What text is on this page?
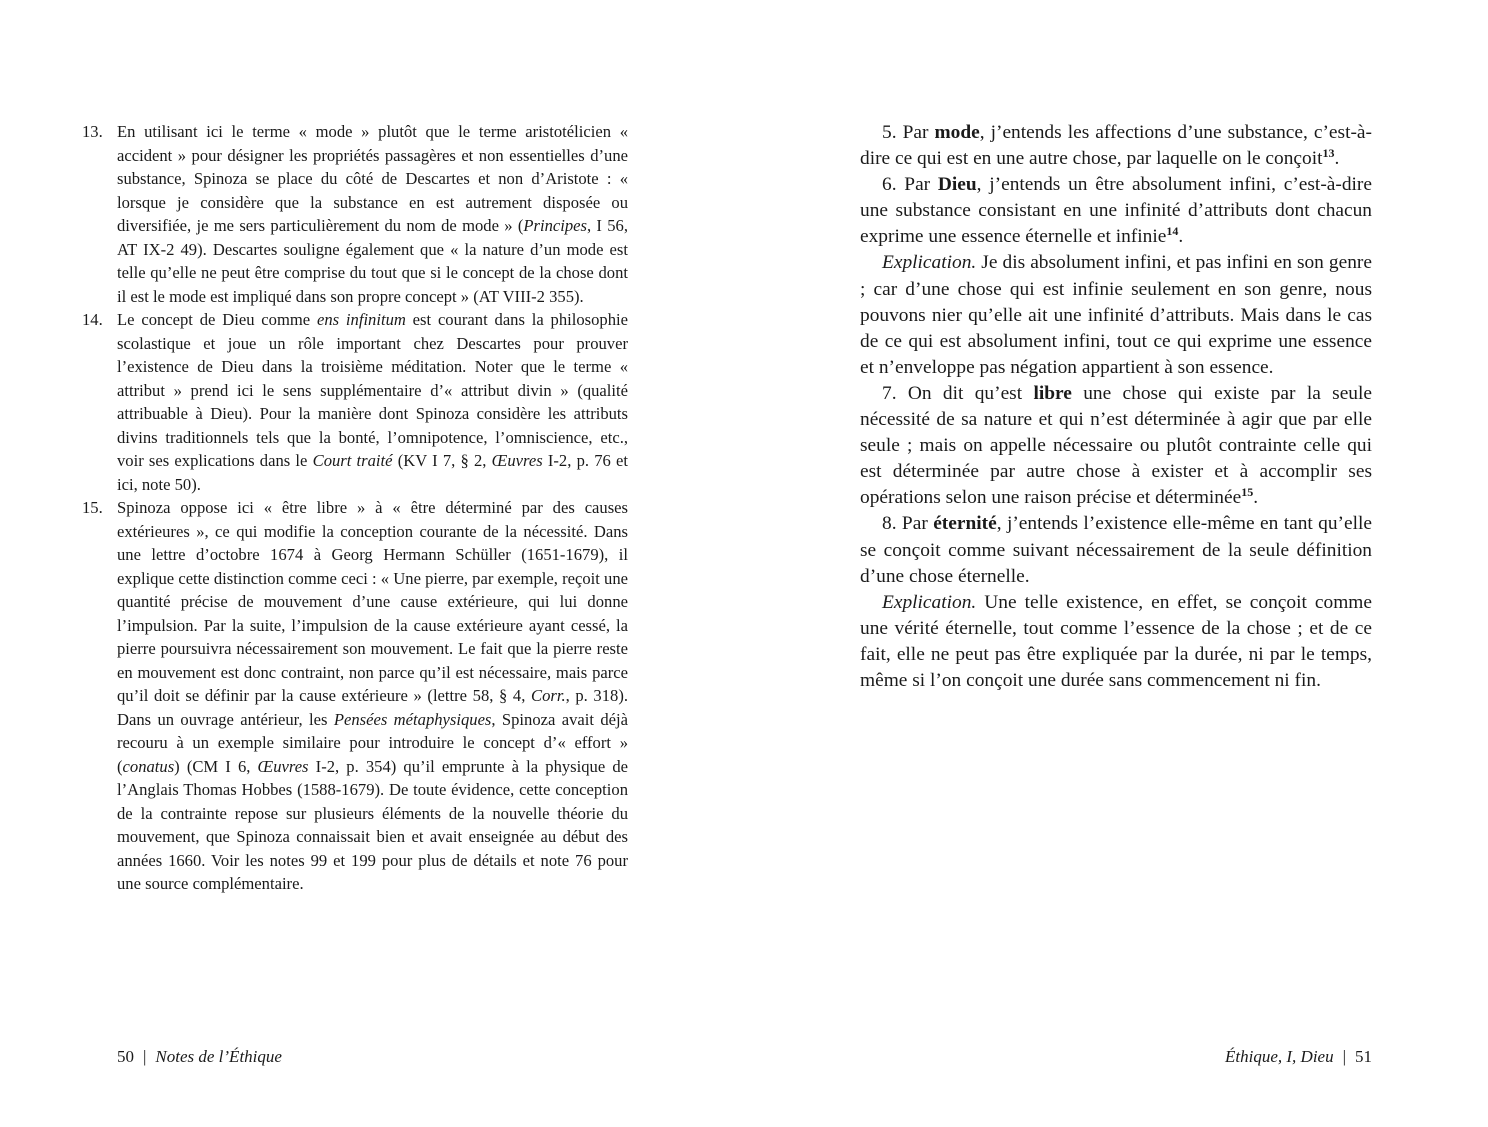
13. En utilisant ici le terme « mode » plutôt que le terme aristotélicien « accident » pour désigner les propriétés passagères et non essentielles d’une substance, Spinoza se place du côté de Descartes et non d’Aristote : « lorsque je considère que la substance en est autrement disposée ou diversifiée, je me sers particulièrement du nom de mode » (Principes, I 56, AT IX-2 49). Descartes souligne également que « la nature d’un mode est telle qu’elle ne peut être comprise du tout que si le concept de la chose dont il est le mode est impliqué dans son propre concept » (AT VIII-2 355).

14. Le concept de Dieu comme ens infinitum est courant dans la philosophie scolastique et joue un rôle important chez Descartes pour prouver l’existence de Dieu dans la troisième méditation. Noter que le terme « attribut » prend ici le sens supplémentaire d’« attribut divin » (qualité attribuable à Dieu). Pour la manière dont Spinoza considère les attributs divins traditionnels tels que la bonté, l’omnipotence, l’omniscience, etc., voir ses explications dans le Court traité (KV I 7, § 2, Œuvres I-2, p. 76 et ici, note 50).

15. Spinoza oppose ici « être libre » à « être déterminé par des causes extérieures », ce qui modifie la conception courante de la nécessité. Dans une lettre d’octobre 1674 à Georg Hermann Schüller (1651-1679), il explique cette distinction comme ceci : « Une pierre, par exemple, reçoit une quantité précise de mouvement d’une cause extérieure, qui lui donne l’impulsion. Par la suite, l’impulsion de la cause extérieure ayant cessé, la pierre poursuivra nécessairement son mouvement. Le fait que la pierre reste en mouvement est donc contraint, non parce qu’il est nécessaire, mais parce qu’il doit se définir par la cause extérieure » (lettre 58, § 4, Corr., p. 318). Dans un ouvrage antérieur, les Pensées métaphysiques, Spinoza avait déjà recouru à un exemple similaire pour introduire le concept d’« effort » (conatus) (CM I 6, Œuvres I-2, p. 354) qu’il emprunte à la physique de l’Anglais Thomas Hobbes (1588-1679). De toute évidence, cette conception de la contrainte repose sur plusieurs éléments de la nouvelle théorie du mouvement, que Spinoza connaissait bien et avait enseignée au début des années 1660. Voir les notes 99 et 199 pour plus de détails et note 76 pour une source complémentaire.

50 | Notes de l’Éthique

5. Par mode, j’entends les affections d’une substance, c’est-à-dire ce qui est en une autre chose, par laquelle on le conçoit$^{13}$.

6. Par Dieu, j’entends un être absolument infini, c’est-à-dire une substance consistant en une infinité d’attributs dont chacun exprime une essence éternelle et infinie$^{14}$.

Explication. Je dis absolument infini, et pas infini en son genre ; car d’une chose qui est infinie seulement en son genre, nous pouvons nier qu’elle ait une infinité d’attributs. Mais dans le cas de ce qui est absolument infini, tout ce qui exprime une essence et n’enveloppe pas négation appartient à son essence.

7. On dit qu’est libre une chose qui existe par la seule nécessité de sa nature et qui n’est déterminée à agir que par elle seule ; mais on appelle nécessaire ou plutôt contrainte celle qui est déterminée par autre chose à exister et à accomplir ses opérations selon une raison précise et déterminée$^{15}$.

8. Par éternité, j’entends l’existence elle-même en tant qu’elle se conçoit comme suivant nécessairement de la seule définition d’une chose éternelle.

Explication. Une telle existence, en effet, se conçoit comme une vérité éternelle, tout comme l’essence de la chose ; et de ce fait, elle ne peut pas être expliquée par la durée, ni par le temps, même si l’on conçoit une durée sans commencement ni fin.

Éthique, I, Dieu | 51
